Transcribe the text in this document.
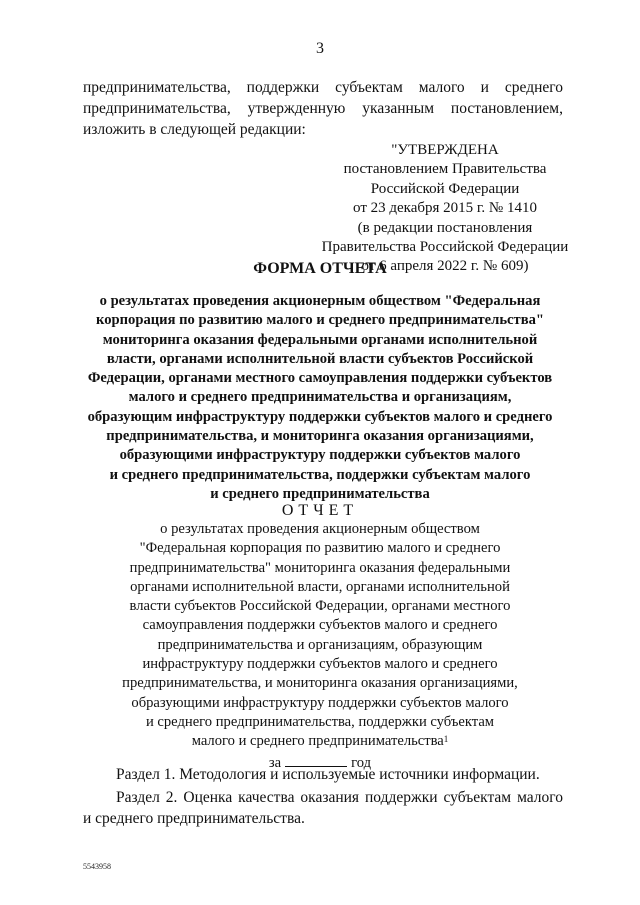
3
предпринимательства, поддержки субъектам малого и среднего
предпринимательства, утвержденную указанным постановлением,
изложить в следующей редакции:
"УТВЕРЖДЕНА
постановлением Правительства
Российской Федерации
от 23 декабря 2015 г. № 1410
(в редакции постановления
Правительства Российской Федерации
от 6 апреля 2022 г. № 609)
ФОРМА ОТЧЕТА
о результатах проведения акционерным обществом "Федеральная
корпорация по развитию малого и среднего предпринимательства"
мониторинга оказания федеральными органами исполнительной
власти, органами исполнительной власти субъектов Российской
Федерации, органами местного самоуправления поддержки субъектов
малого и среднего предпринимательства и организациям,
образующим инфраструктуру поддержки субъектов малого и среднего
предпринимательства, и мониторинга оказания организациями,
образующими инфраструктуру поддержки субъектов малого
и среднего предпринимательства, поддержки субъектам малого
и среднего предпринимательства
ОТЧЕТ
о результатах проведения акционерным обществом
"Федеральная корпорация по развитию малого и среднего
предпринимательства" мониторинга оказания федеральными
органами исполнительной власти, органами исполнительной
власти субъектов Российской Федерации, органами местного
самоуправления поддержки субъектов малого и среднего
предпринимательства и организациям, образующим
инфраструктуру поддержки субъектов малого и среднего
предпринимательства, и мониторинга оказания организациями,
образующими инфраструктуру поддержки субъектов малого
и среднего предпринимательства, поддержки субъектам
малого и среднего предпринимательства$^1$
за	год
Раздел 1. Методология и используемые источники информации.
Раздел 2. Оценка качества оказания поддержки субъектам малого
и среднего предпринимательства.
5543958
